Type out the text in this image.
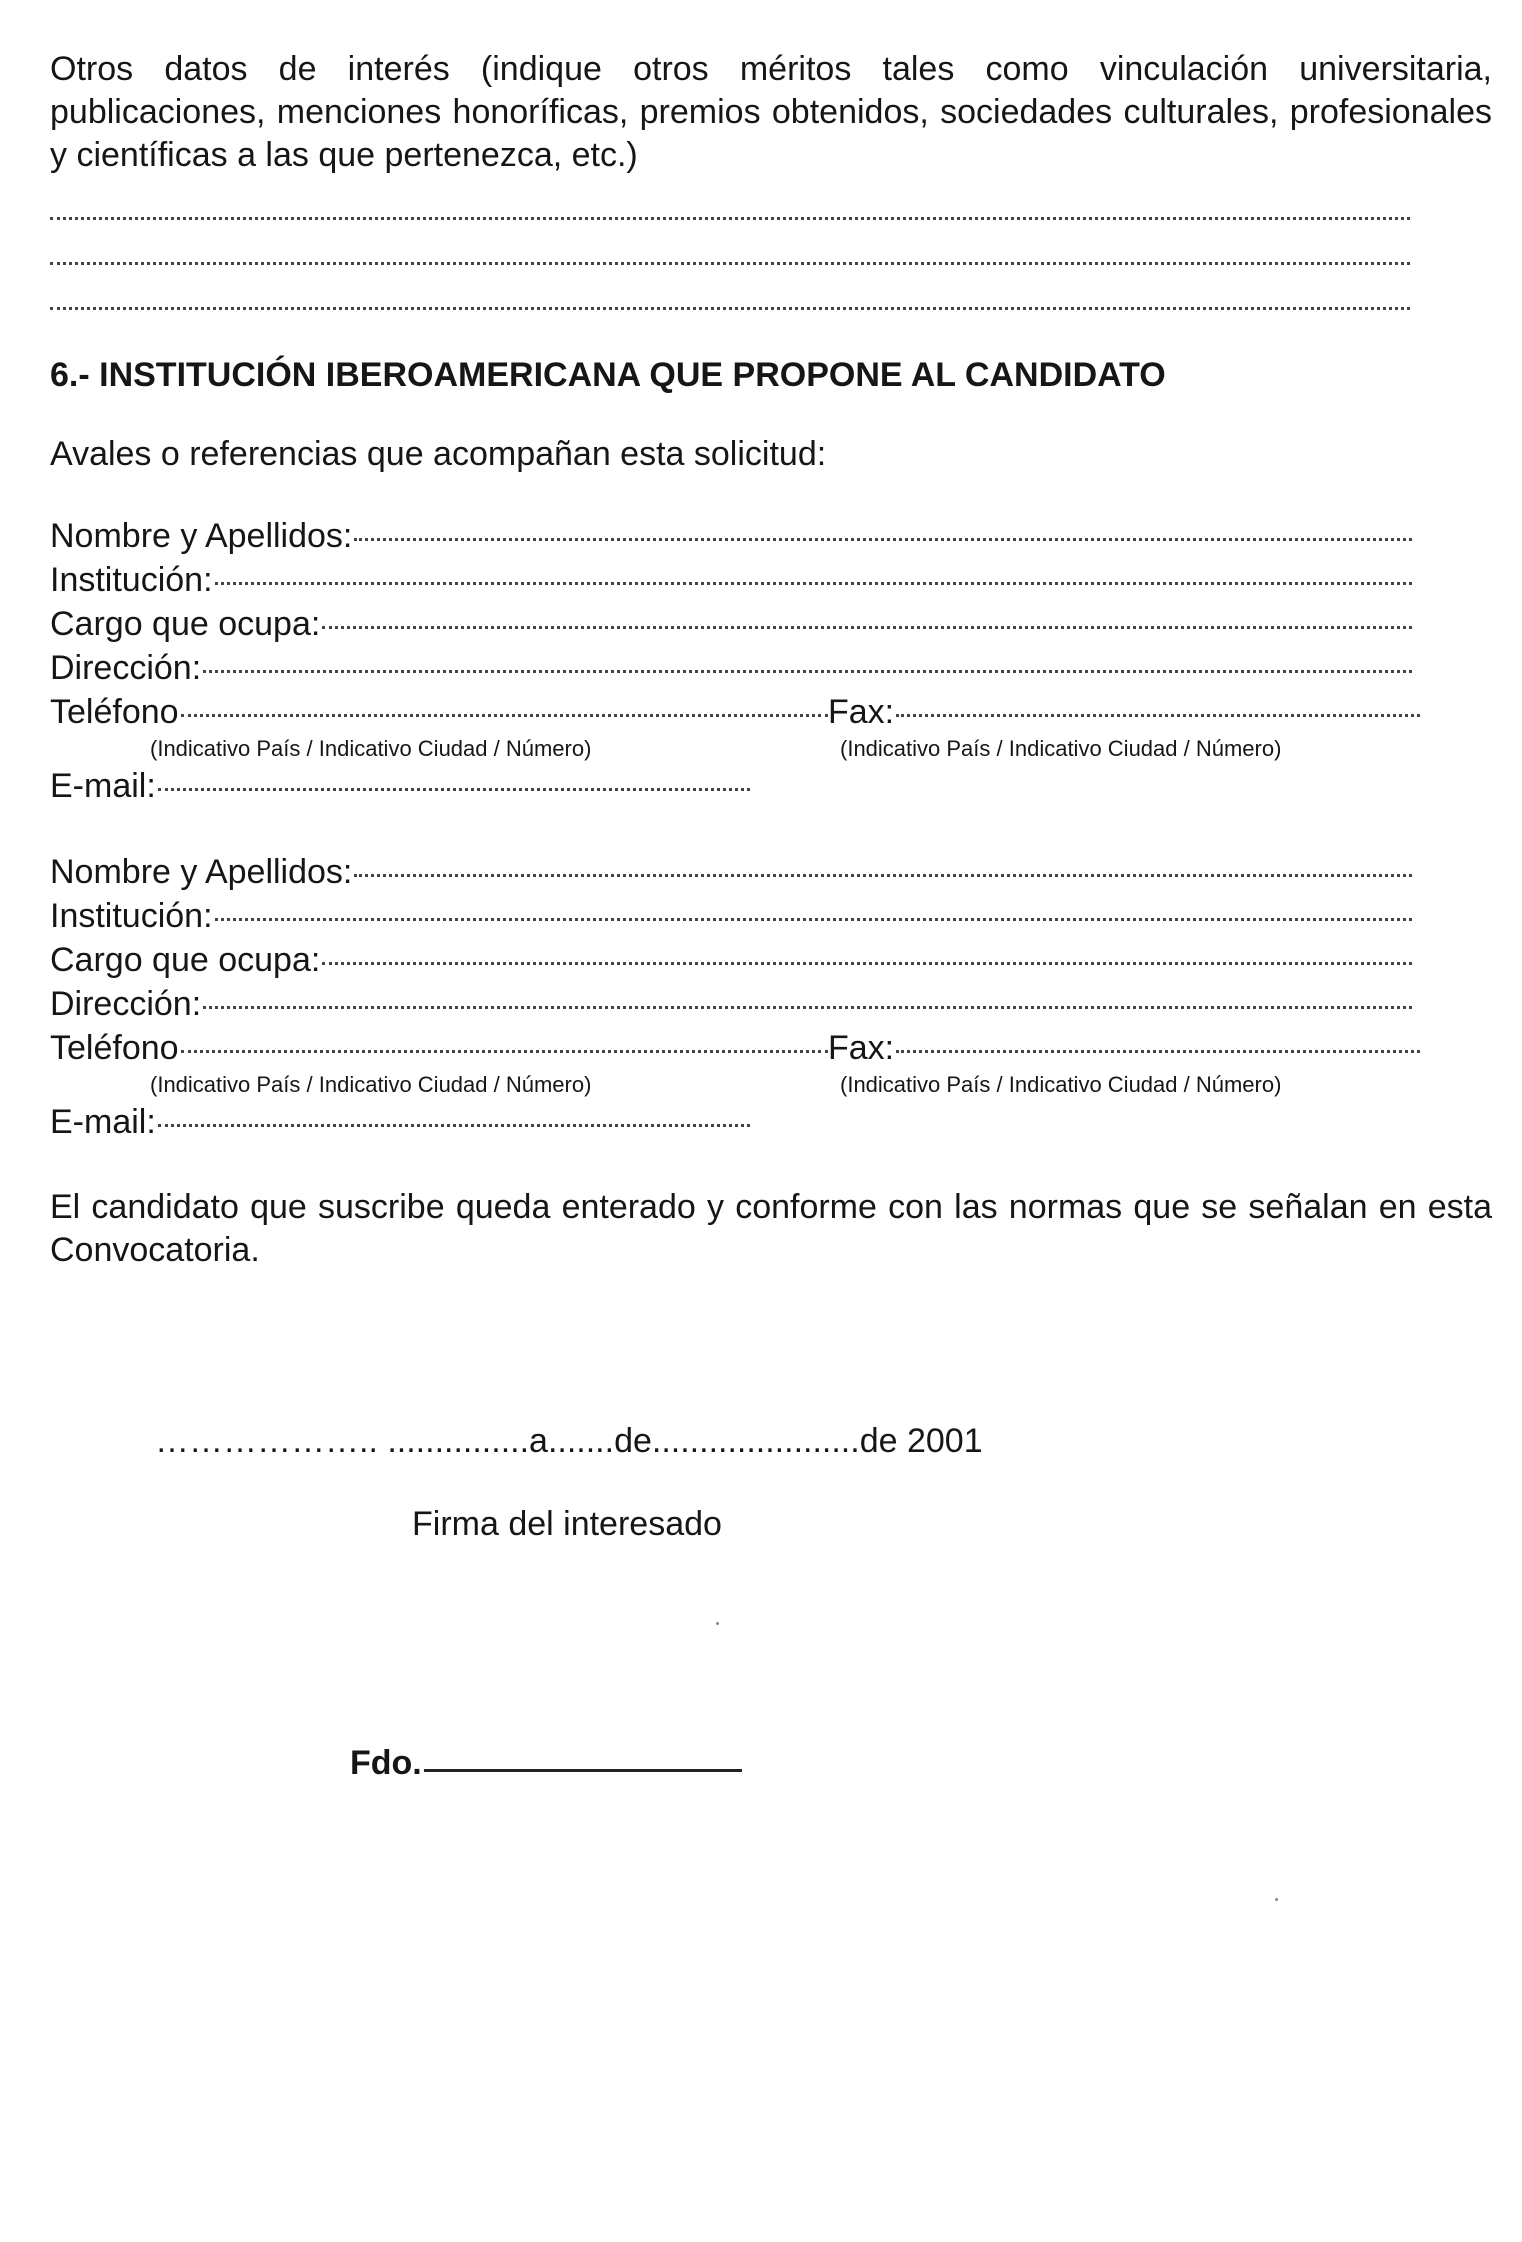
Otros datos de interés (indique otros méritos tales como vinculación universitaria, publicaciones, menciones honoríficas, premios obtenidos, sociedades culturales, profesionales y científicas a las que pertenezca, etc.)

6.- INSTITUCIÓN IBEROAMERICANA QUE PROPONE AL CANDIDATO

Avales o referencias que acompañan esta solicitud:

Nombre y Apellidos:
Institución:
Cargo que ocupa:
Dirección:
Teléfono	Fax:
(Indicativo País / Indicativo Ciudad / Número)	(Indicativo País / Indicativo Ciudad / Número)
E-mail:
Nombre y Apellidos:
Institución:
Cargo que ocupa:
Dirección:
Teléfono	Fax:
(Indicativo País / Indicativo Ciudad / Número)	(Indicativo País / Indicativo Ciudad / Número)
E-mail:

El candidato que suscribe queda enterado y conforme con las normas que se señalan en esta Convocatoria.

……………….. ...............a.......de......................de 2001
Firma del interesado
Fdo.
